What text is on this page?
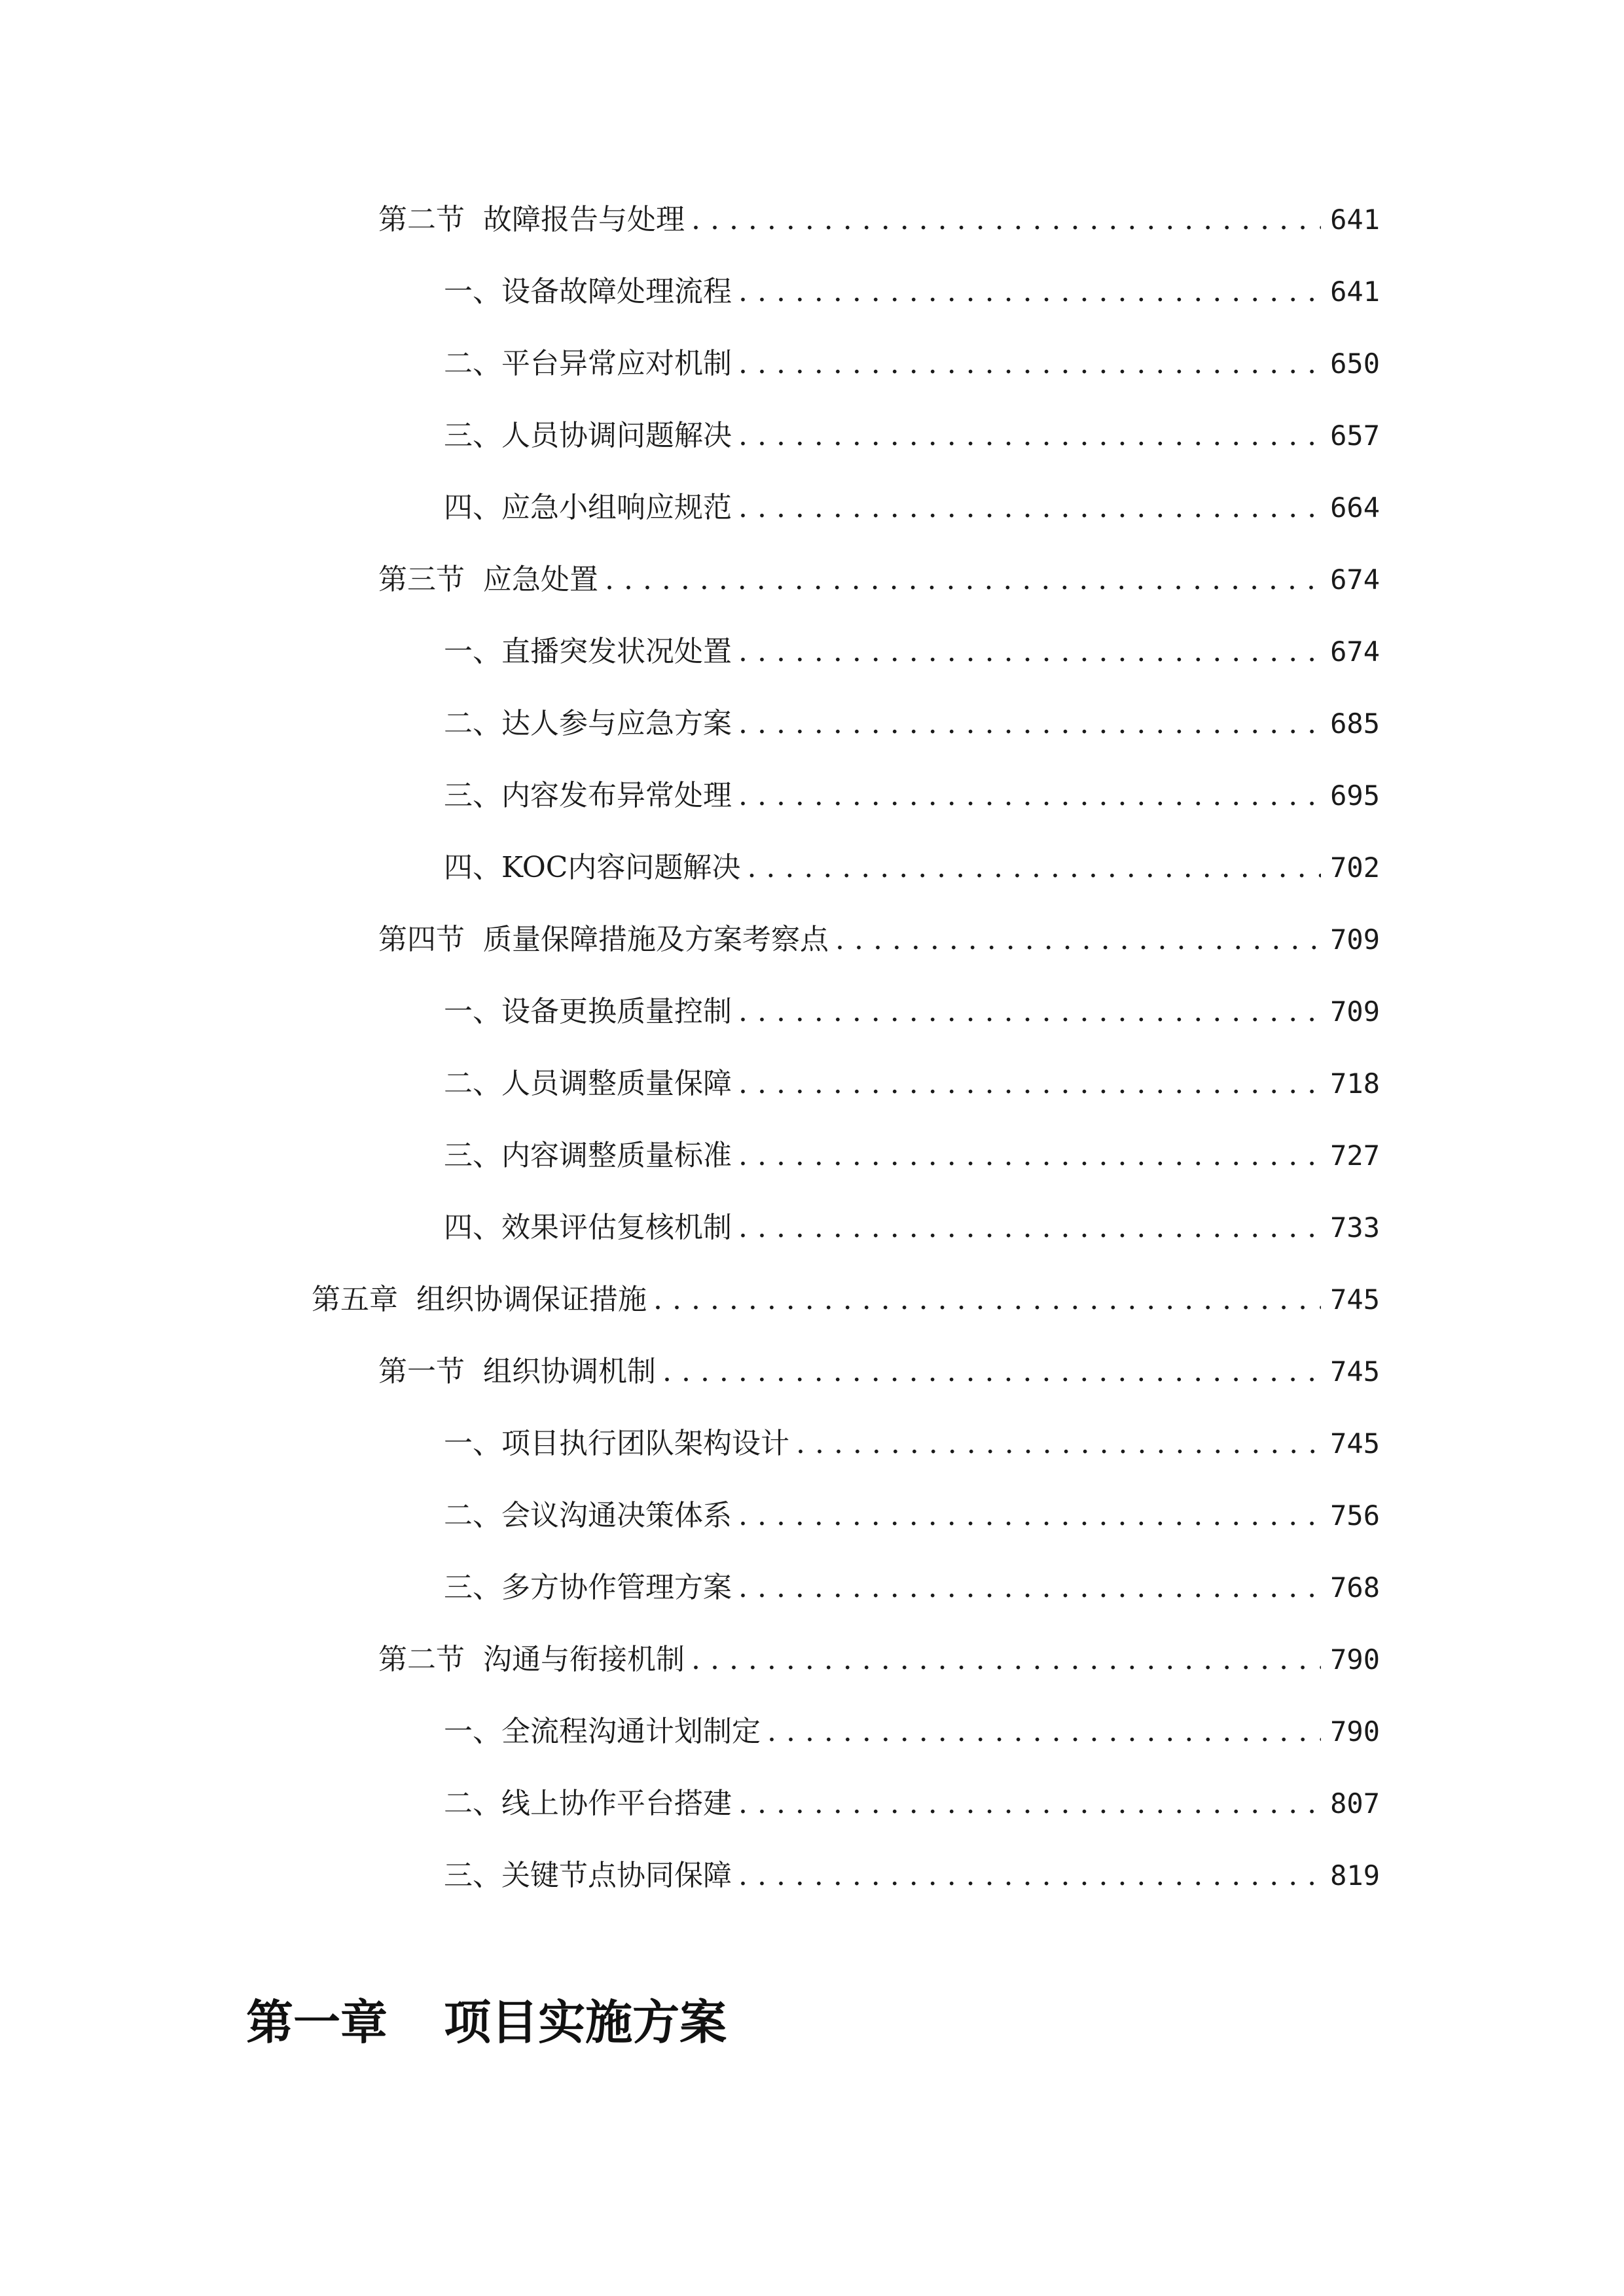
第二节 故障报告与处理 . . .	641
一、 设备故障处理流程 . . .	641
二、 平台异常应对机制 . . .	650
三、 人员协调问题解决 . . .	657
四、 应急小组响应规范 . . .	664
第三节 应急处置 . . .	674
一、 直播突发状况处置 . . .	674
二、 达人参与应急方案 . . .	685
三、 内容发布异常处理 . . .	695
四、 KOC内容问题解决 . . .	702
第四节 质量保障措施及方案考察点 . . .	709
一、 设备更换质量控制 . . .	709
二、 人员调整质量保障 . . .	718
三、 内容调整质量标准 . . .	727
四、 效果评估复核机制 . . .	733
第五章 组织协调保证措施 . . .	745
第一节 组织协调机制 . . .	745
一、 项目执行团队架构设计 . . .	745
二、 会议沟通决策体系 . . .	756
三、 多方协作管理方案 . . .	768
第二节 沟通与衔接机制 . . .	790
一、 全流程沟通计划制定 . . .	790
二、 线上协作平台搭建 . . .	807
三、 关键节点协同保障 . . .	819
第一章 项目实施方案
